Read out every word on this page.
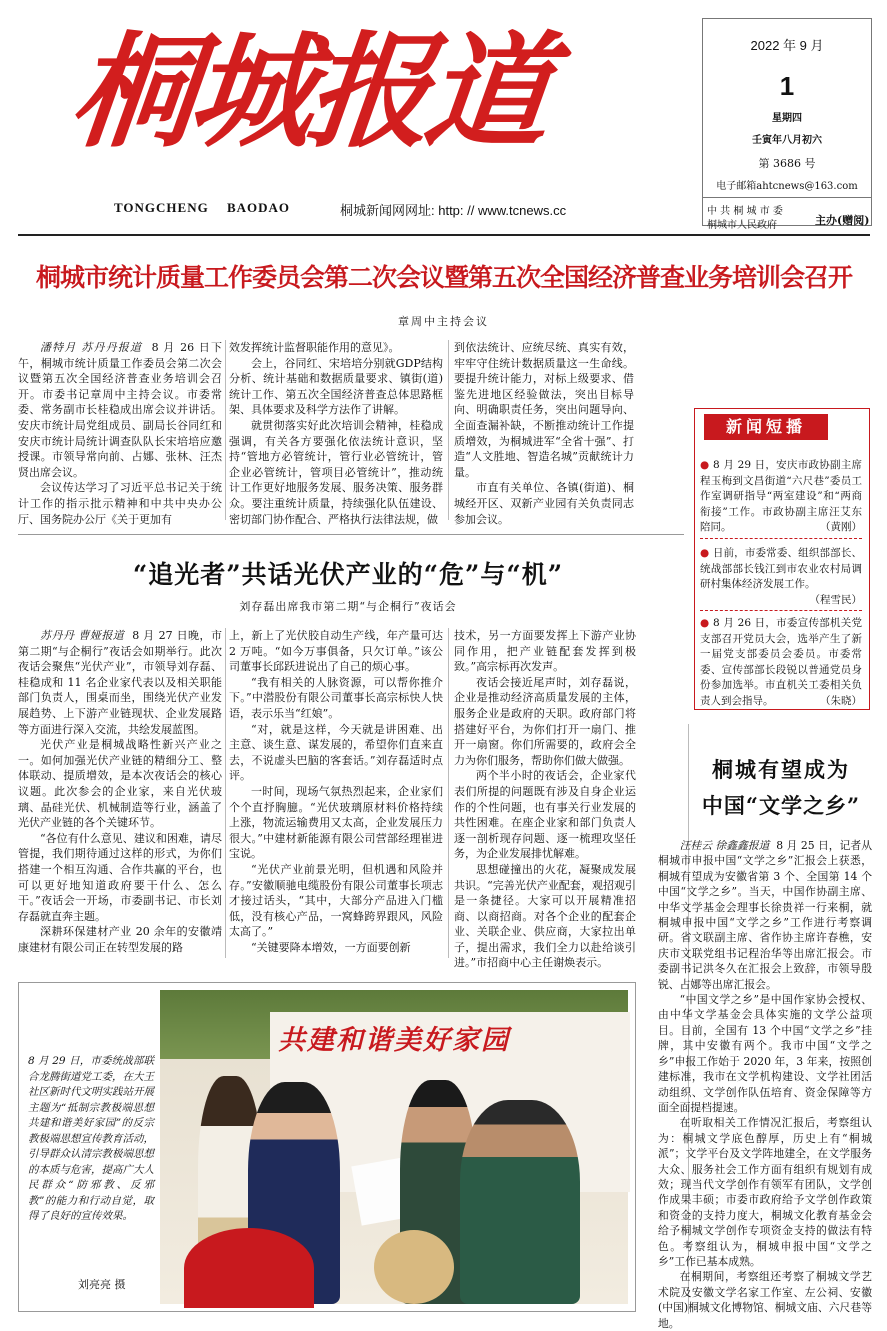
桐城报道
TONGCHENG BAODAO	桐城新闻网网址: http: // www.tcnews.cc
2022 年 9 月
1
星期四
壬寅年八月初六
第 3686 号
电子邮箱ahtcnews@163.com
中 共 桐 城 市 委
桐城市人民政府	主办(赠阅)
桐城市统计质量工作委员会第二次会议暨第五次全国经济普查业务培训会召开
章周中主持会议

潘特月 苏丹丹报道 8 月 26 日下午，桐城市统计质量工作委员会第二次会议暨第五次全国经济普查业务培训会召开。市委书记章周中主持会议。市委常委、常务副市长桂稳成出席会议并讲话。安庆市统计局党组成员、副局长谷同红和安庆市统计局统计调查队队长宋培培应邀授课。市领导常向前、占娜、张林、汪杰贤出席会议。

会议传达学习了习近平总书记关于统计工作的指示批示精神和中共中央办公厅、国务院办公厅《关于更加有

效发挥统计监督职能作用的意见》。

会上，谷同红、宋培培分别就GDP结构分析、统计基础和数据质量要求、镇街(道)统计工作、第五次全国经济普查总体思路框架、具体要求及科学方法作了讲解。

就贯彻落实好此次培训会精神，桂稳成强调，有关各方要强化依法统计意识，坚持“管地方必管统计，管行业必管统计，管企业必管统计，管项目必管统计”，推动统计工作更好地服务发展、服务决策、服务群众。要注重统计质量，持续强化队伍建设、密切部门协作配合、严格执行法律法规，做

到依法统计、应统尽统、真实有效，牢牢守住统计数据质量这一生命线。要提升统计能力，对标上级要求、借鉴先进地区经验做法，突出目标导向、明确职责任务，突出问题导向、全面查漏补缺，不断推动统计工作提质增效，为桐城进军“全省十强”、打造“人文胜地、智造名城”贡献统计力量。

市直有关单位、各镇(街道)、桐城经开区、双新产业园有关负责同志参加会议。

新闻短播
● 8 月 29 日，安庆市政协副主席程玉梅到文昌街道“六尺巷”委员工作室调研指导“两室建设”和“两商衔接”工作。市政协副主席汪艾东陪同。	（黄刚）
● 日前，市委常委、组织部部长、统战部部长钱江到市农业农村局调研村集体经济发展工作。
（程雪民）
● 8 月 26 日，市委宣传部机关党支部召开党员大会，选举产生了新一届党支部委员会委员。市委常委、宣传部部长段锐以普通党员身份参加选举。市直机关工委相关负责人到会指导。	（朱晓）
“追光者”共话光伏产业的“危”与“机”
刘存磊出席我市第二期“与企桐行”夜话会

苏丹丹 曹娅报道 8 月 27 日晚，市第二期“与企桐行”夜话会如期举行。此次夜话会聚焦“光伏产业”，市领导刘存磊、桂稳成和 11 名企业家代表以及相关职能部门负责人，围桌而坐，围绕光伏产业发展趋势、上下游产业链现状、企业发展路等方面进行深入交流，共绘发展蓝图。

光伏产业是桐城战略性新兴产业之一。如何加强光伏产业链的精细分工、整体联动、提质增效，是本次夜话会的核心议题。此次参会的企业家，来自光伏玻璃、晶硅光伏、机械制造等行业，涵盖了光伏产业链的各个关键环节。

“各位有什么意见、建议和困难，请尽管提，我们期待通过这样的形式，为你们搭建一个相互沟通、合作共赢的平台，也可以更好地知道政府要干什么、怎么干。”夜话会一开场，市委副书记、市长刘存磊就直奔主题。

深耕环保建材产业 20 余年的安徽靖康建材有限公司正在转型发展的路

上，新上了光伏胶自动生产线，年产量可达 2 万吨。“如今万事俱备，只欠订单。”该公司董事长邱跃进说出了自己的烦心事。

“我有相关的人脉资源，可以帮你推介下。”中潜股份有限公司董事长高宗标快人快语，表示乐当“红娘”。

“对，就是这样，今天就是讲困难、出主意、谈生意、谋发展的，希望你们直来直去，不说虚头巴脑的客套话。”刘存磊适时点评。

一时间，现场气氛热烈起来，企业家们个个直抒胸臆。“光伏玻璃原材料价格持续上涨，物流运输费用又太高，企业发展压力很大。”中建材新能源有限公司营部经理崔进宝说。

“光伏产业前景光明，但机遇和风险并存。”安徽顺驰电缆股份有限公司董事长项志才接过话头，“其中，大部分产品进入门槛低，没有核心产品，一窝蜂跨界跟风，风险太高了。”

“关键要降本增效，一方面要创新

技术，另一方面要发挥上下游产业协同作用，把产业链配套发挥到极致。”高宗标再次发声。

夜话会接近尾声时，刘存磊说，企业是推动经济高质量发展的主体，服务企业是政府的天职。政府部门将搭建好平台，为你们打开一扇门、推开一扇窗。你们所需要的，政府会全力为你们服务，帮助你们做大做强。

两个半小时的夜话会，企业家代表们所提的问题既有涉及自身企业运作的个性问题，也有事关行业发展的共性困难。在座企业家和部门负责人逐一剖析现存问题、逐一梳理攻坚任务，为企业发展排忧解难。

思想碰撞出的火花，凝聚成发展共识。“完善光伏产业配套，观招观引是一条捷径。大家可以开展精准招商、以商招商。对各个企业的配套企业、关联企业、供应商，大家拉出单子，提出需求，我们全力以赴给谈引进。”市招商中心主任谢焕表示。

桐城有望成为
中国“文学之乡”

汪桂云 徐鑫鑫报道 8 月 25 日，记者从桐城市申报中国“文学之乡”汇报会上获悉，桐城有望成为安徽省第 3 个、全国第 14 个中国“文学之乡”。当天，中国作协副主席、中华文学基金会理事长徐贵祥一行来桐，就桐城申报中国“文学之乡”工作进行考察调研。省文联副主席、省作协主席许春樵，安庆市文联党组书记程治华等出席汇报会。市委副书记洪冬久在汇报会上致辞，市领导殷锐、占娜等出席汇报会。

“中国文学之乡”是中国作家协会授权、由中华文学基金会具体实施的文学公益项目。目前，全国有 13 个中国“文学之乡”挂牌，其中安徽有两个。我市中国“文学之乡”申报工作始于 2020 年，3 年来，按照创建标准，我市在文学机构建设、文学社团活动组织、文学创作队伍培育、资金保障等方面全面提档提速。

在听取相关工作情况汇报后，考察组认为：桐城文学底色醇厚，历史上有“桐城派”；文学平台及文学阵地建全，在文学服务大众、服务社会工作方面有组织有规划有成效；现当代文学创作有领军有团队，文学创作成果丰硕；市委市政府给予文学创作政策和资金的支持力度大，桐城文化教育基金会给予桐城文学创作专项资金支持的做法有特色。考察组认为，桐城申报中国“文学之乡”工作已基本成熟。

在桐期间，考察组还考察了桐城文学艺术院及安徽文学名家工作室、左公祠、安徽(中国)桐城文化博物馆、桐城文庙、六尺巷等地。

共建和谐美好家园
8 月 29 日，市委统战部联合龙腾街道党工委，在大王社区新时代文明实践站开展主题为“抵制宗教极端思想 共建和谐美好家园”的反宗教极端思想宣传教育活动，引导群众认清宗教极端思想的本质与危害，提高广大人民群众“防邪教、反邪教”的能力和行动自觉，取得了良好的宣传效果。
刘亮亮 摄
